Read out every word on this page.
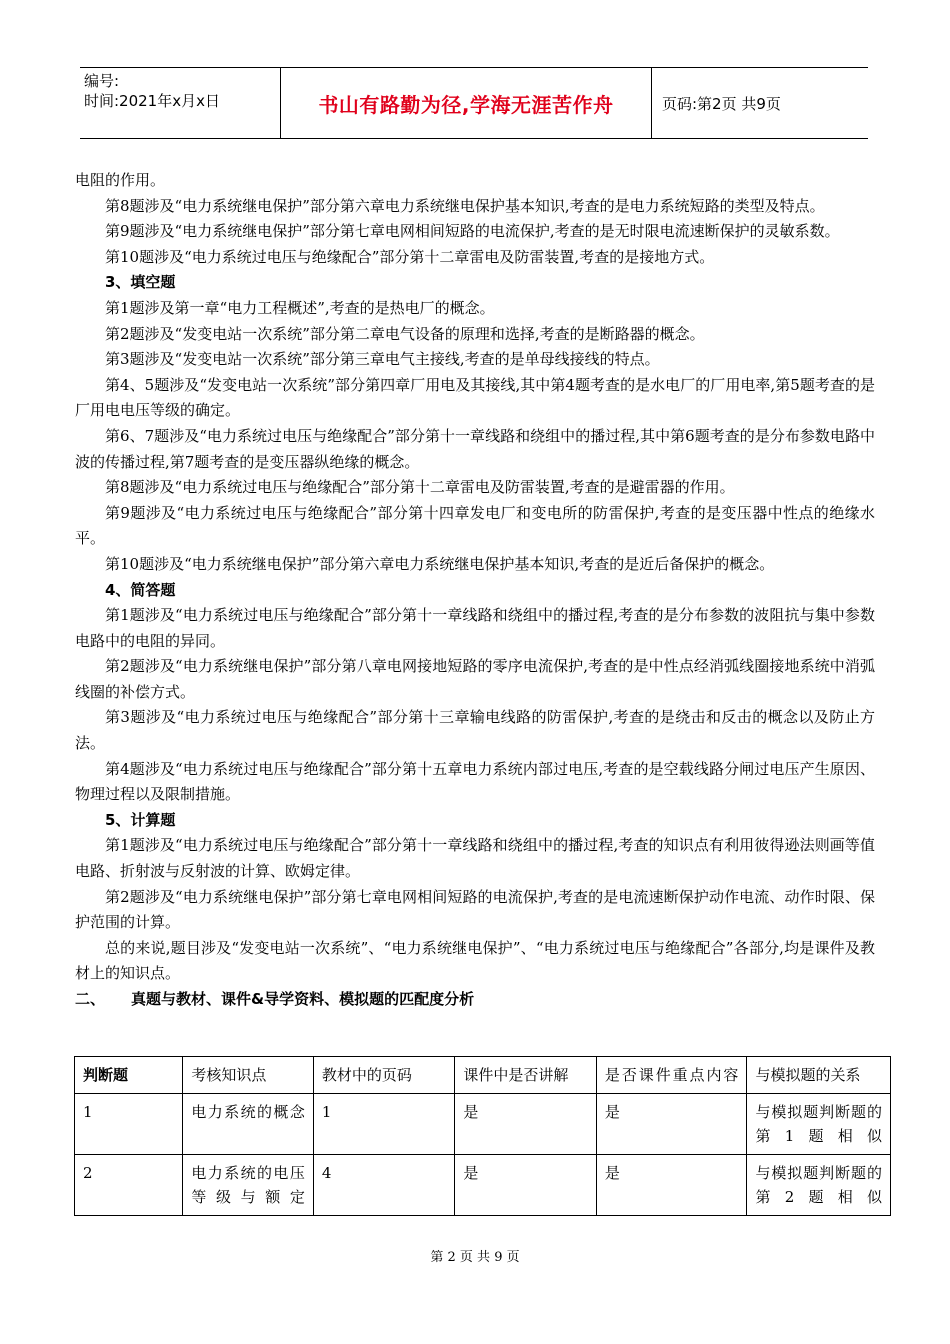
编号:
时间:2021年x月x日	书山有路勤为径,学海无涯苦作舟	页码:第2页 共9页

电阻的作用。

第8题涉及“电力系统继电保护”部分第六章电力系统继电保护基本知识,考查的是电力系统短路的类型及特点。

第9题涉及“电力系统继电保护”部分第七章电网相间短路的电流保护,考查的是无时限电流速断保护的灵敏系数。

第10题涉及“电力系统过电压与绝缘配合”部分第十二章雷电及防雷装置,考查的是接地方式。

3、填空题

第1题涉及第一章“电力工程概述”,考查的是热电厂的概念。

第2题涉及“发变电站一次系统”部分第二章电气设备的原理和选择,考查的是断路器的概念。

第3题涉及“发变电站一次系统”部分第三章电气主接线,考查的是单母线接线的特点。

第4、5题涉及“发变电站一次系统”部分第四章厂用电及其接线,其中第4题考查的是水电厂的厂用电率,第5题考查的是厂用电电压等级的确定。

第6、7题涉及“电力系统过电压与绝缘配合”部分第十一章线路和绕组中的播过程,其中第6题考查的是分布参数电路中波的传播过程,第7题考查的是变压器纵绝缘的概念。

第8题涉及“电力系统过电压与绝缘配合”部分第十二章雷电及防雷装置,考查的是避雷器的作用。

第9题涉及“电力系统过电压与绝缘配合”部分第十四章发电厂和变电所的防雷保护,考查的是变压器中性点的绝缘水平。

第10题涉及“电力系统继电保护”部分第六章电力系统继电保护基本知识,考查的是近后备保护的概念。

4、简答题

第1题涉及“电力系统过电压与绝缘配合”部分第十一章线路和绕组中的播过程,考查的是分布参数的波阻抗与集中参数电路中的电阻的异同。

第2题涉及“电力系统继电保护”部分第八章电网接地短路的零序电流保护,考查的是中性点经消弧线圈接地系统中消弧线圈的补偿方式。

第3题涉及“电力系统过电压与绝缘配合”部分第十三章输电线路的防雷保护,考查的是绕击和反击的概念以及防止方法。

第4题涉及“电力系统过电压与绝缘配合”部分第十五章电力系统内部过电压,考查的是空载线路分闸过电压产生原因、物理过程以及限制措施。

5、计算题

第1题涉及“电力系统过电压与绝缘配合”部分第十一章线路和绕组中的播过程,考查的知识点有利用彼得逊法则画等值电路、折射波与反射波的计算、欧姆定律。

第2题涉及“电力系统继电保护”部分第七章电网相间短路的电流保护,考查的是电流速断保护动作电流、动作时限、保护范围的计算。

总的来说,题目涉及“发变电站一次系统”、“电力系统继电保护”、“电力系统过电压与绝缘配合”各部分,均是课件及教材上的知识点。

二、	真题与教材、课件&导学资料、模拟题的匹配度分析

判断题	考核知识点	教材中的页码	课件中是否讲解	是否课件重点内容	与模拟题的关系
1	电力系统的概念	1	是	是	与模拟题判断题的第1题相似
2	电力系统的电压等级与额定	4	是	是	与模拟题判断题的第2题相似
第 2 页 共 9 页
